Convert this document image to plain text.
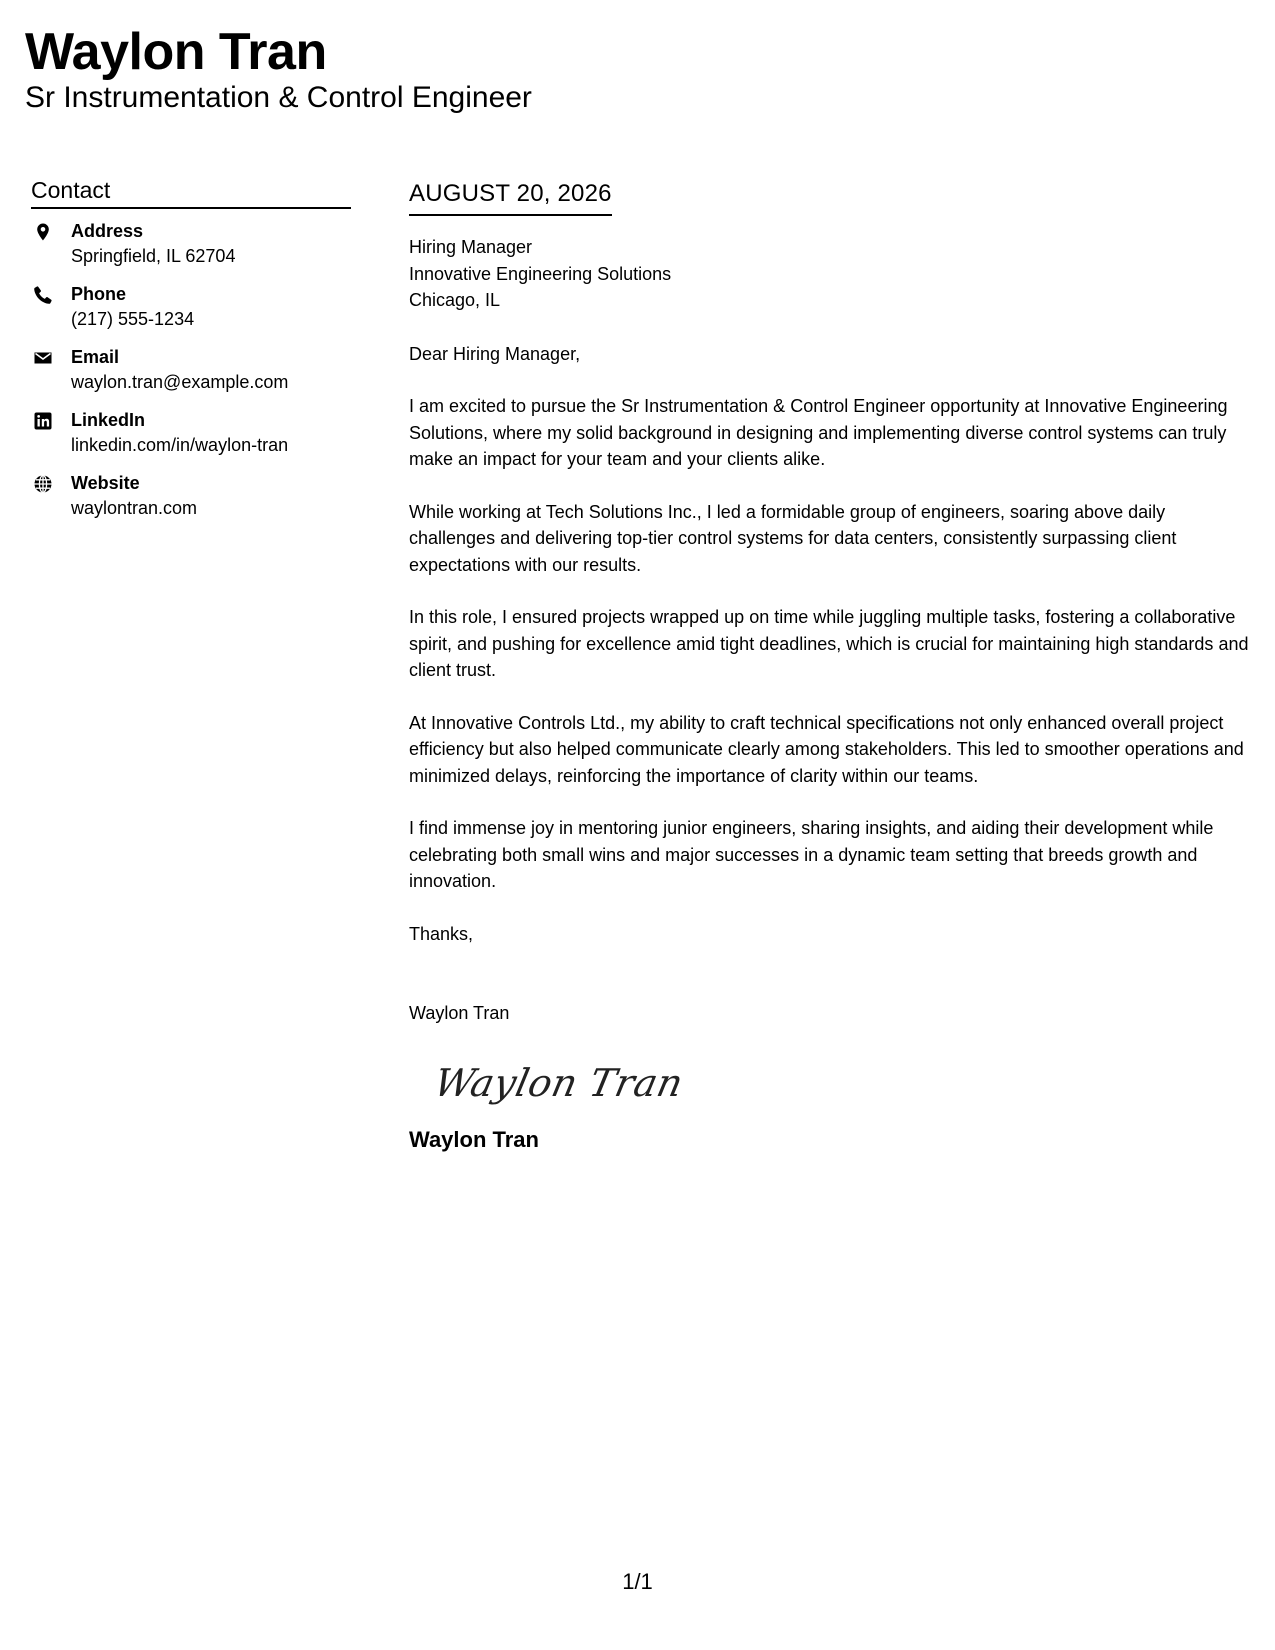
Waylon Tran
Sr Instrumentation & Control Engineer
Contact
Address
Springfield, IL 62704
Phone
(217) 555-1234
Email
waylon.tran@example.com
LinkedIn
linkedin.com/in/waylon-tran
Website
waylontran.com
AUGUST 20, 2026
Hiring Manager
Innovative Engineering Solutions
Chicago, IL
Dear Hiring Manager,

I am excited to pursue the Sr Instrumentation & Control Engineer opportunity at Innovative Engineering Solutions, where my solid background in designing and implementing diverse control systems can truly make an impact for your team and your clients alike.

While working at Tech Solutions Inc., I led a formidable group of engineers, soaring above daily challenges and delivering top-tier control systems for data centers, consistently surpassing client expectations with our results.

In this role, I ensured projects wrapped up on time while juggling multiple tasks, fostering a collaborative spirit, and pushing for excellence amid tight deadlines, which is crucial for maintaining high standards and client trust.

At Innovative Controls Ltd., my ability to craft technical specifications not only enhanced overall project efficiency but also helped communicate clearly among stakeholders. This led to smoother operations and minimized delays, reinforcing the importance of clarity within our teams.

I find immense joy in mentoring junior engineers, sharing insights, and aiding their development while celebrating both small wins and major successes in a dynamic team setting that breeds growth and innovation.

Thanks,
Waylon Tran
Waylon Tran
Waylon Tran
1/1
